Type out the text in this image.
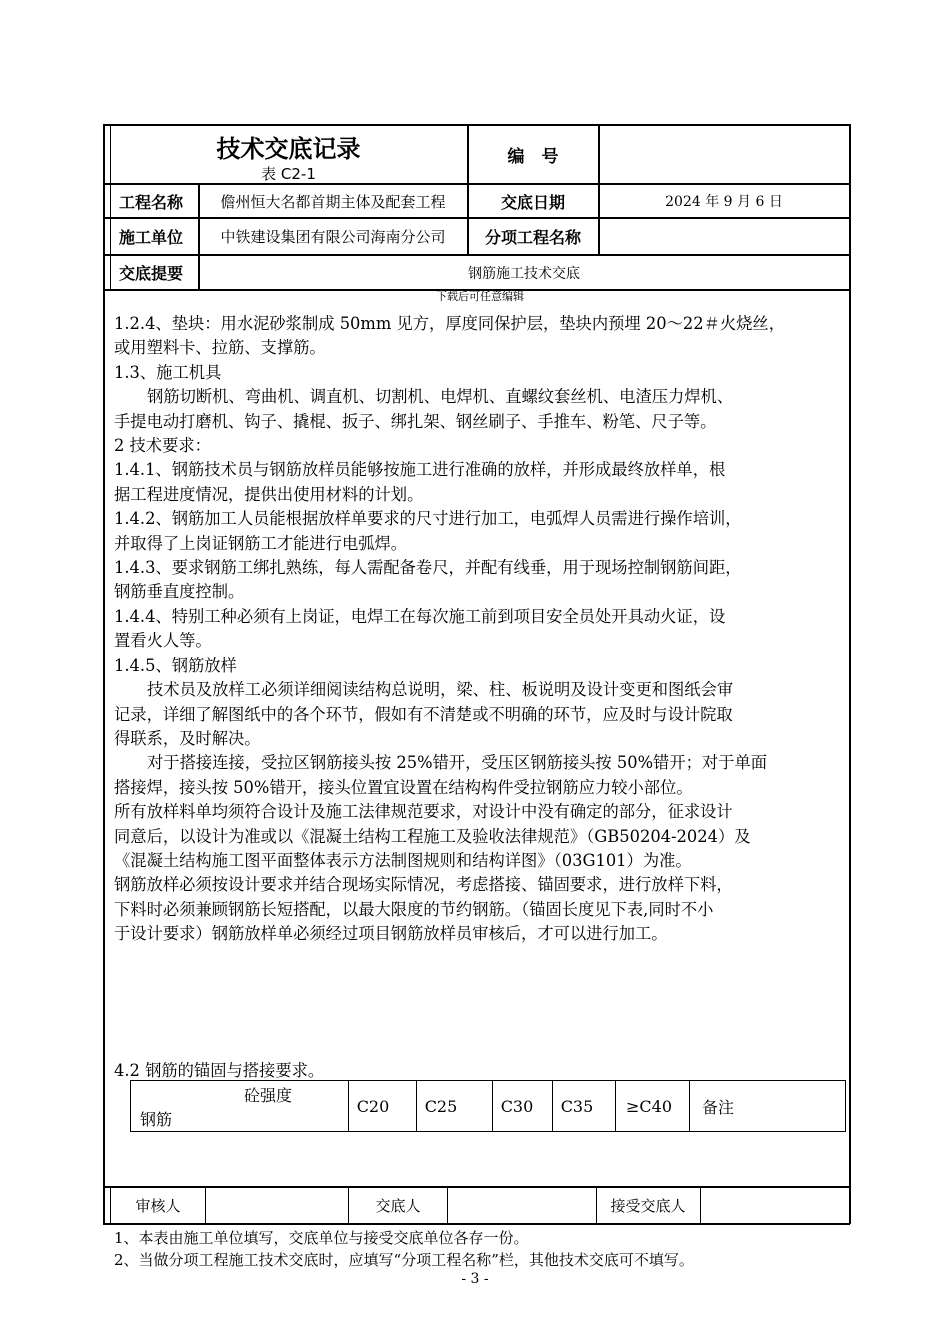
技术交底记录
表 C2-1
编　号
工程名称	儋州恒大名都首期主体及配套工程	交底日期	2024 年 9 月 6 日
施工单位	中铁建设集团有限公司海南分公司	分项工程名称
交底提要	钢筋施工技术交底
下载后可任意编辑

1.2.4、垫块：用水泥砂浆制成 50mm 见方，厚度同保护层，垫块内预埋 20～22＃火烧丝，

或用塑料卡、拉筋、支撑筋。

1.3、施工机具

钢筋切断机、弯曲机、调直机、切割机、电焊机、直螺纹套丝机、电渣压力焊机、

手提电动打磨机、钩子、撬棍、扳子、绑扎架、钢丝刷子、手推车、粉笔、尺子等。

2 技术要求：

1.4.1、钢筋技术员与钢筋放样员能够按施工进行准确的放样，并形成最终放样单，根

据工程进度情况，提供出使用材料的计划。

1.4.2、钢筋加工人员能根据放样单要求的尺寸进行加工，电弧焊人员需进行操作培训，

并取得了上岗证钢筋工才能进行电弧焊。

1.4.3、要求钢筋工绑扎熟练，每人需配备卷尺，并配有线垂，用于现场控制钢筋间距，

钢筋垂直度控制。

1.4.4、特别工种必须有上岗证，电焊工在每次施工前到项目安全员处开具动火证，设

置看火人等。

1.4.5、钢筋放样

技术员及放样工必须详细阅读结构总说明，梁、柱、板说明及设计变更和图纸会审

记录，详细了解图纸中的各个环节，假如有不清楚或不明确的环节，应及时与设计院取

得联系，及时解决。

对于搭接连接，受拉区钢筋接头按 25%错开，受压区钢筋接头按 50%错开；对于单面

搭接焊，接头按 50%错开，接头位置宜设置在结构构件受拉钢筋应力较小部位。

所有放样料单均须符合设计及施工法律规范要求，对设计中没有确定的部分，征求设计

同意后，以设计为准或以《混凝土结构工程施工及验收法律规范》（GB50204-2024）及

《混凝土结构施工图平面整体表示方法制图规则和结构详图》（03G101）为准。

钢筋放样必须按设计要求并结合现场实际情况，考虑搭接、锚固要求，进行放样下料，

下料时必须兼顾钢筋长短搭配，以最大限度的节约钢筋。（锚固长度见下表,同时不小

于设计要求）钢筋放样单必须经过项目钢筋放样员审核后，才可以进行加工。

4.2 钢筋的锚固与搭接要求。
砼强度
钢筋
C20	C25	C30	C35	≥C40	备注
审核人	交底人	接受交底人
1、本表由施工单位填写，交底单位与接受交底单位各存一份。
2、当做分项工程施工技术交底时，应填写“分项工程名称”栏，其他技术交底可不填写。
- 3 -
